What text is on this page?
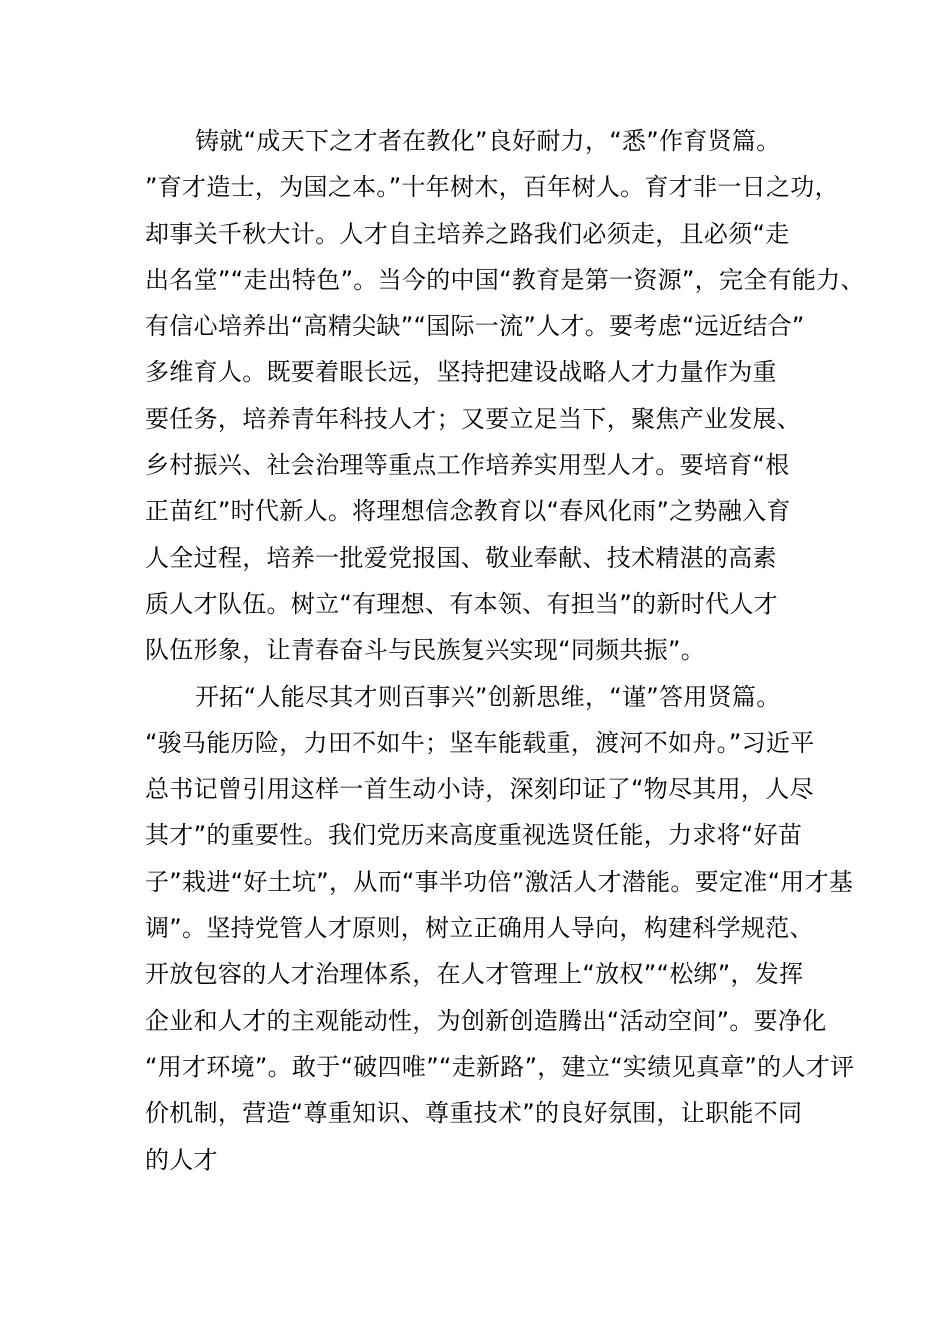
铸就“成天下之才者在教化”良好耐力，“悉”作育贤篇。
”育才造士，为国之本。”十年树木，百年树人。育才非一日之功，
却事关千秋大计。人才自主培养之路我们必须走，且必须“走
出名堂”“走出特色”。当今的中国“教育是第一资源”，完全有能力、
有信心培养出“高精尖缺”“国际一流”人才。要考虑“远近结合”
多维育人。既要着眼长远，坚持把建设战略人才力量作为重
要任务，培养青年科技人才；又要立足当下，聚焦产业发展、
乡村振兴、社会治理等重点工作培养实用型人才。要培育“根
正苗红”时代新人。将理想信念教育以“春风化雨”之势融入育
人全过程，培养一批爱党报国、敬业奉献、技术精湛的高素
质人才队伍。树立“有理想、有本领、有担当”的新时代人才
队伍形象，让青春奋斗与民族复兴实现“同频共振”。
开拓“人能尽其才则百事兴”创新思维，“谨”答用贤篇。
“骏马能历险，力田不如牛；坚车能载重，渡河不如舟。”习近平
总书记曾引用这样一首生动小诗，深刻印证了“物尽其用，人尽
其才”的重要性。我们党历来高度重视选贤任能，力求将“好苗
子”栽进“好土坑”，从而“事半功倍”激活人才潜能。要定准“用才基
调”。坚持党管人才原则，树立正确用人导向，构建科学规范、
开放包容的人才治理体系，在人才管理上“放权”“松绑”，发挥
企业和人才的主观能动性，为创新创造腾出“活动空间”。要净化
“用才环境”。敢于“破四唯”“走新路”，建立“实绩见真章”的人才评
价机制，营造“尊重知识、尊重技术”的良好氛围，让职能不同
的人才
